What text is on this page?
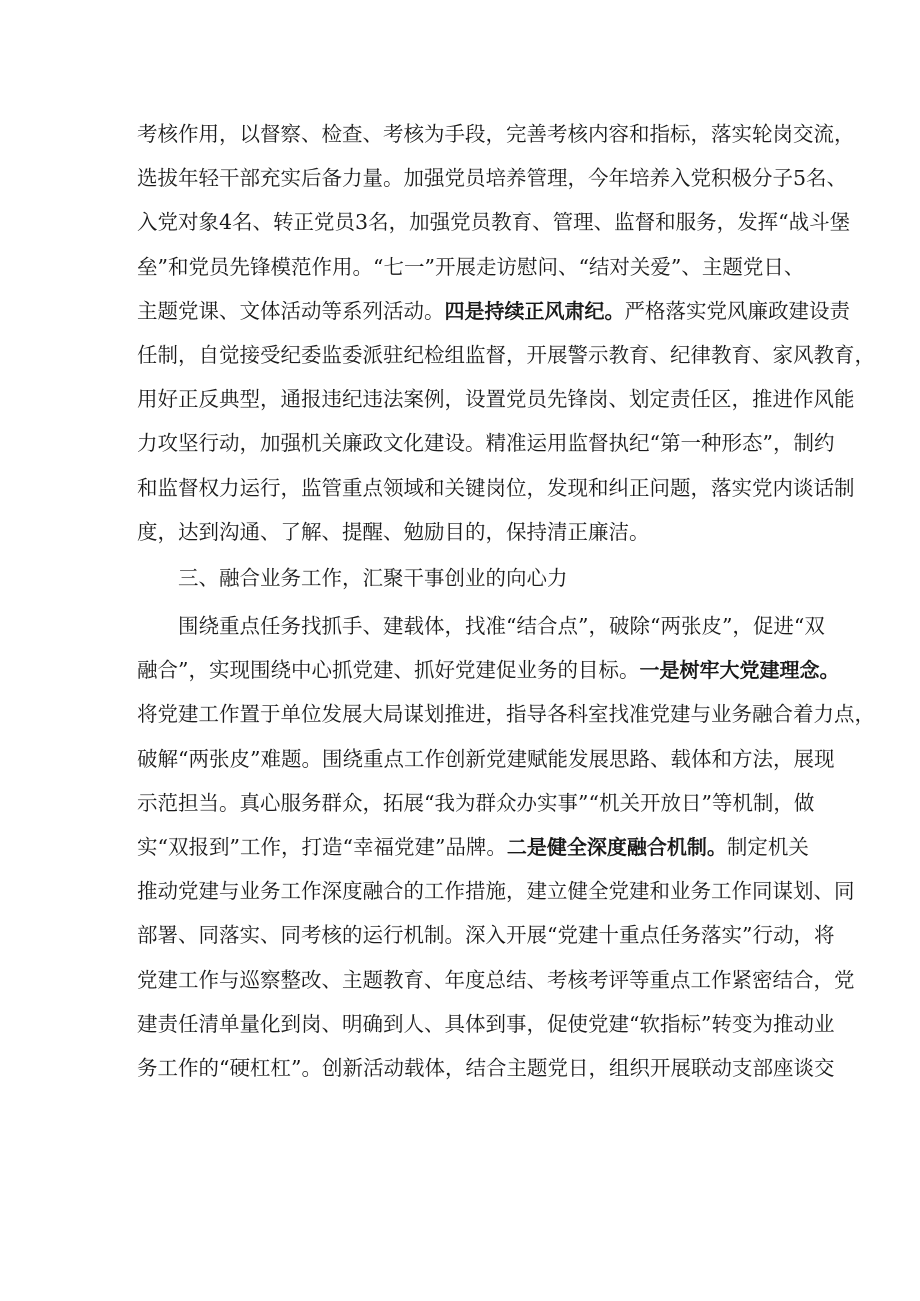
考核作用，以督察、检查、考核为手段，完善考核内容和指标，落实轮岗交流，
选拔年轻干部充实后备力量。加强党员培养管理，今年培养入党积极分子5名、
入党对象4名、转正党员3名，加强党员教育、管理、监督和服务，发挥“战斗堡
垒”和党员先锋模范作用。“七一”开展走访慰问、“结对关爱”、主题党日、
主题党课、文体活动等系列活动。四是持续正风肃纪。严格落实党风廉政建设责
任制，自觉接受纪委监委派驻纪检组监督，开展警示教育、纪律教育、家风教育，
用好正反典型，通报违纪违法案例，设置党员先锋岗、划定责任区，推进作风能
力攻坚行动，加强机关廉政文化建设。精准运用监督执纪“第一种形态”，制约
和监督权力运行，监管重点领域和关键岗位，发现和纠正问题，落实党内谈话制
度，达到沟通、了解、提醒、勉励目的，保持清正廉洁。
三、融合业务工作，汇聚干事创业的向心力
围绕重点任务找抓手、建载体，找准“结合点”，破除“两张皮”，促进“双
融合”，实现围绕中心抓党建、抓好党建促业务的目标。一是树牢大党建理念。
将党建工作置于单位发展大局谋划推进，指导各科室找准党建与业务融合着力点，
破解“两张皮”难题。围绕重点工作创新党建赋能发展思路、载体和方法，展现
示范担当。真心服务群众，拓展“我为群众办实事”“机关开放日”等机制，做
实“双报到”工作，打造“幸福党建”品牌。二是健全深度融合机制。制定机关
推动党建与业务工作深度融合的工作措施，建立健全党建和业务工作同谋划、同
部署、同落实、同考核的运行机制。深入开展“党建十重点任务落实”行动，将
党建工作与巡察整改、主题教育、年度总结、考核考评等重点工作紧密结合，党
建责任清单量化到岗、明确到人、具体到事，促使党建“软指标”转变为推动业
务工作的“硬杠杠”。创新活动载体，结合主题党日，组织开展联动支部座谈交
